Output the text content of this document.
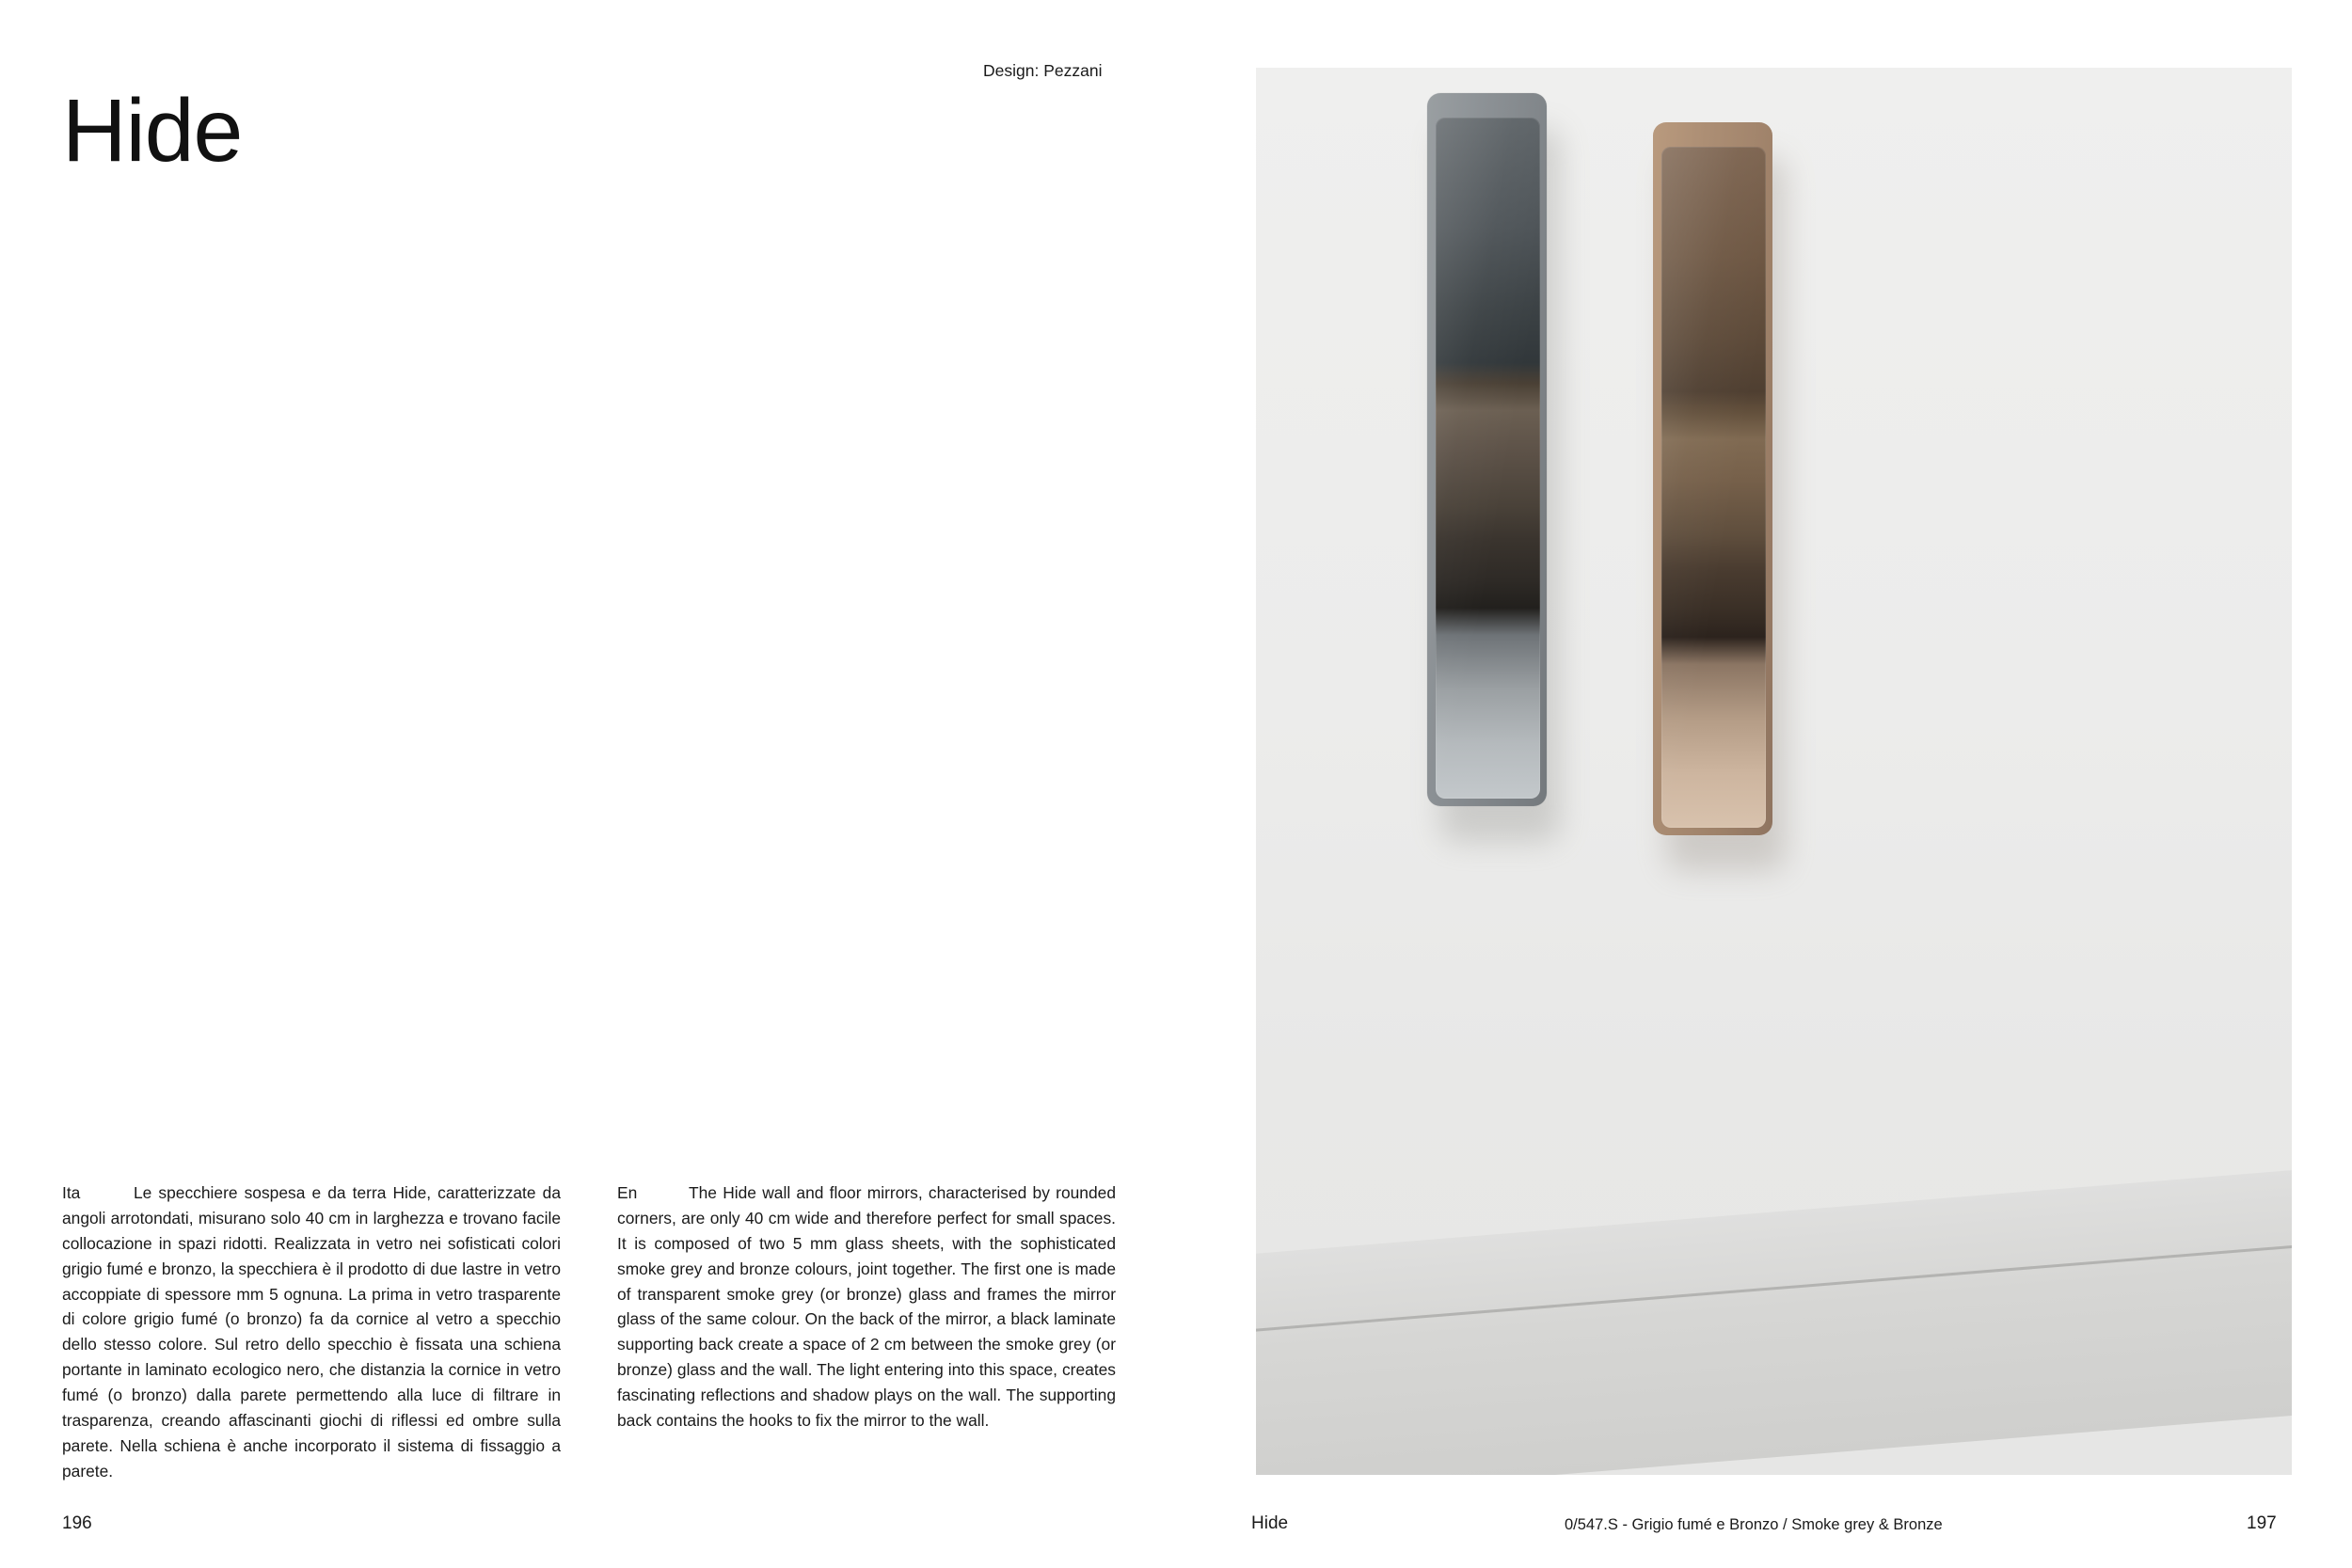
Hide
Design: Pezzani
Ita	Le specchiere sospesa e da terra Hide, caratterizzate da angoli arrotondati, misurano solo 40 cm in larghezza e trovano facile collocazione in spazi ridotti. Realizzata in vetro nei sofisticati colori grigio fumé e bronzo, la specchiera è il prodotto di due lastre in vetro accoppiate di spessore mm 5 ognuna. La prima in vetro trasparente di colore grigio fumé (o bronzo) fa da cornice al vetro a specchio dello stesso colore. Sul retro dello specchio è fissata una schiena portante in laminato ecologico nero, che distanzia la cornice in vetro fumé (o bronzo) dalla parete permettendo alla luce di filtrare in trasparenza, creando affascinanti giochi di riflessi ed ombre sulla parete. Nella schiena è anche incorporato il sistema di fissaggio a parete.
En	The Hide wall and floor mirrors, characterised by rounded corners, are only 40 cm wide and therefore perfect for small spaces. It is composed of two 5 mm glass sheets, with the sophisticated smoke grey and bronze colours, joint together. The first one is made of transparent smoke grey (or bronze) glass and frames the mirror glass of the same colour. On the back of the mirror, a black laminate supporting back create a space of 2 cm between the smoke grey (or bronze) glass and the wall. The light entering into this space, creates fascinating reflections and shadow plays on the wall. The supporting back contains the hooks to fix the mirror to the wall.
196	Hide	0/547.S - Grigio fumé e Bronzo / Smoke grey & Bronze	197
